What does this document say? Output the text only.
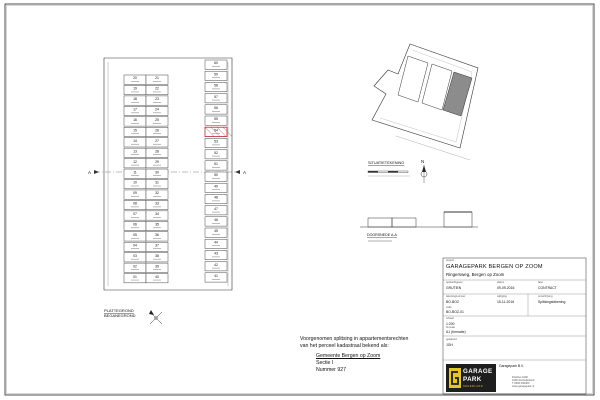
A	A
20	21
19	22
18	23
17	24
16	25
15	26
14	27
13	28
12	29
11	30
10	31
09	32
08	33
07	34
06	35
05	36
04	37
03	38
02	39
01	40
60
59
58
57
56
55
54
53
52
51
50
49
48
47
46
45
44
43
42
41
PLATTEGROND
BEGANEGROND
N
SITUATIETEKENING
DOORSNEDE A-A
project
GARAGEPARK BERGEN OP ZOOM
Ringersweg, Bergen op Zoom
opdrachtgever
GRUTIEN
datum
09-09-2016
fase
CONTRACT
tekeningnummer
BO-BOZ
wijziging
15-11-2016
omschrijving
Splitsingstekening
code
BO-BOZ-01
schaal
1:200
formaat
A1 (formatie)
getekend
JGH
GARAGE
PARK
NEDERLAND
Garagepark B.V.
Postbus 1000
1000 AA Nederland
T 0000 000000
www.garagepark.nl
Voorgenomen splitsing in appartementsrechten
van het perceel kadastraal bekend als:
Gemeente Bergen op Zoom
Sectie I
Nummer 927
